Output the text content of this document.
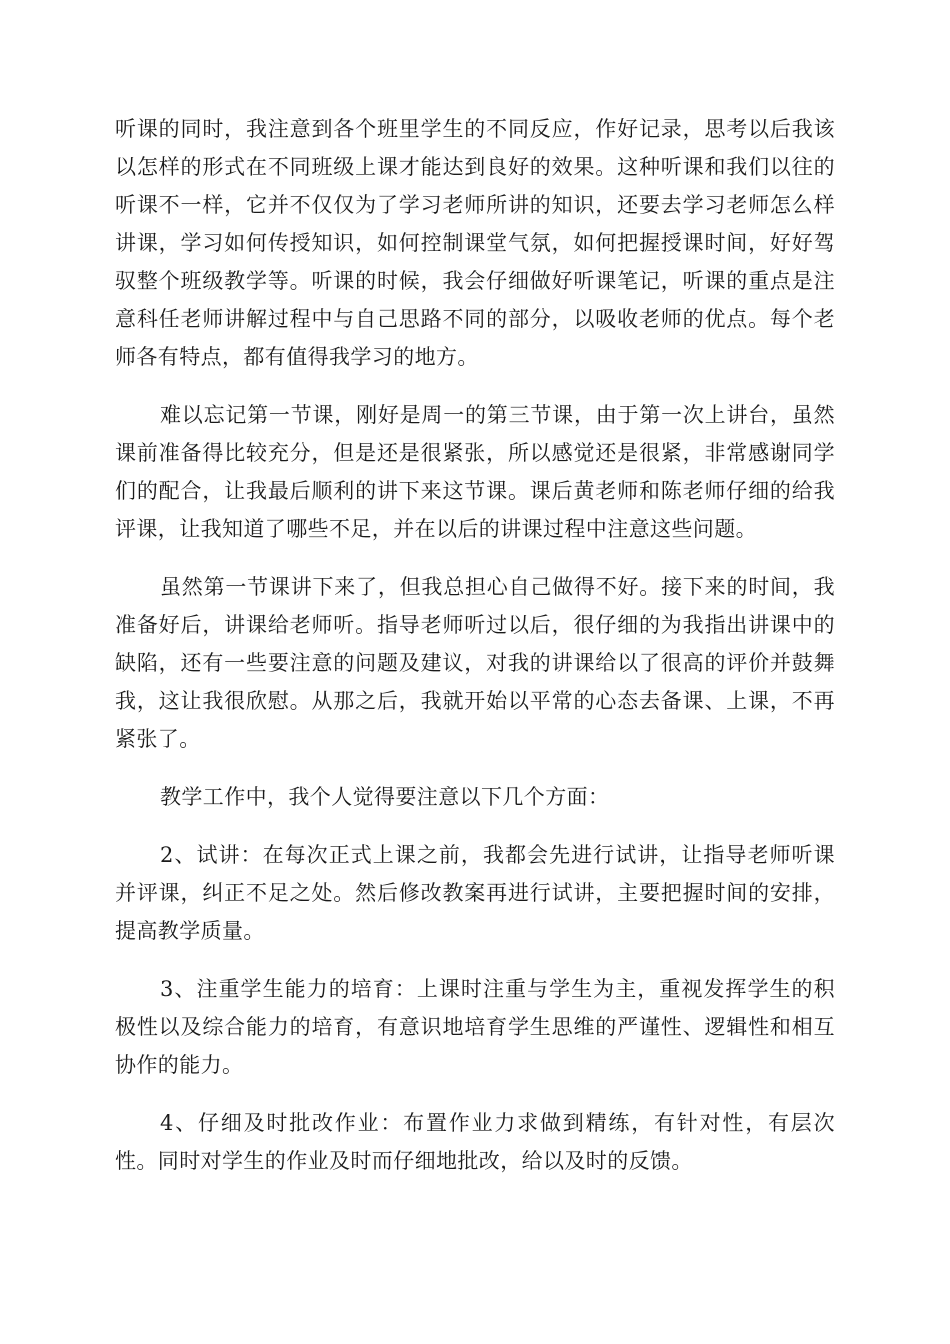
听课的同时，我注意到各个班里学生的不同反应，作好记录，思考以后我该以怎样的形式在不同班级上课才能达到良好的效果。这种听课和我们以往的听课不一样，它并不仅仅为了学习老师所讲的知识，还要去学习老师怎么样讲课，学习如何传授知识，如何控制课堂气氛，如何把握授课时间，好好驾驭整个班级教学等。听课的时候，我会仔细做好听课笔记，听课的重点是注意科任老师讲解过程中与自己思路不同的部分，以吸收老师的优点。每个老师各有特点，都有值得我学习的地方。

难以忘记第一节课，刚好是周一的第三节课，由于第一次上讲台，虽然课前准备得比较充分，但是还是很紧张，所以感觉还是很紧，非常感谢同学们的配合，让我最后顺利的讲下来这节课。课后黄老师和陈老师仔细的给我评课，让我知道了哪些不足，并在以后的讲课过程中注意这些问题。

虽然第一节课讲下来了，但我总担心自己做得不好。接下来的时间，我准备好后，讲课给老师听。指导老师听过以后，很仔细的为我指出讲课中的缺陷，还有一些要注意的问题及建议，对我的讲课给以了很高的评价并鼓舞我，这让我很欣慰。从那之后，我就开始以平常的心态去备课、上课，不再紧张了。

教学工作中，我个人觉得要注意以下几个方面：

2、试讲：在每次正式上课之前，我都会先进行试讲，让指导老师听课并评课，纠正不足之处。然后修改教案再进行试讲，主要把握时间的安排，提高教学质量。

3、注重学生能力的培育：上课时注重与学生为主，重视发挥学生的积极性以及综合能力的培育，有意识地培育学生思维的严谨性、逻辑性和相互协作的能力。

4、仔细及时批改作业：布置作业力求做到精练，有针对性，有层次性。同时对学生的作业及时而仔细地批改，给以及时的反馈。
